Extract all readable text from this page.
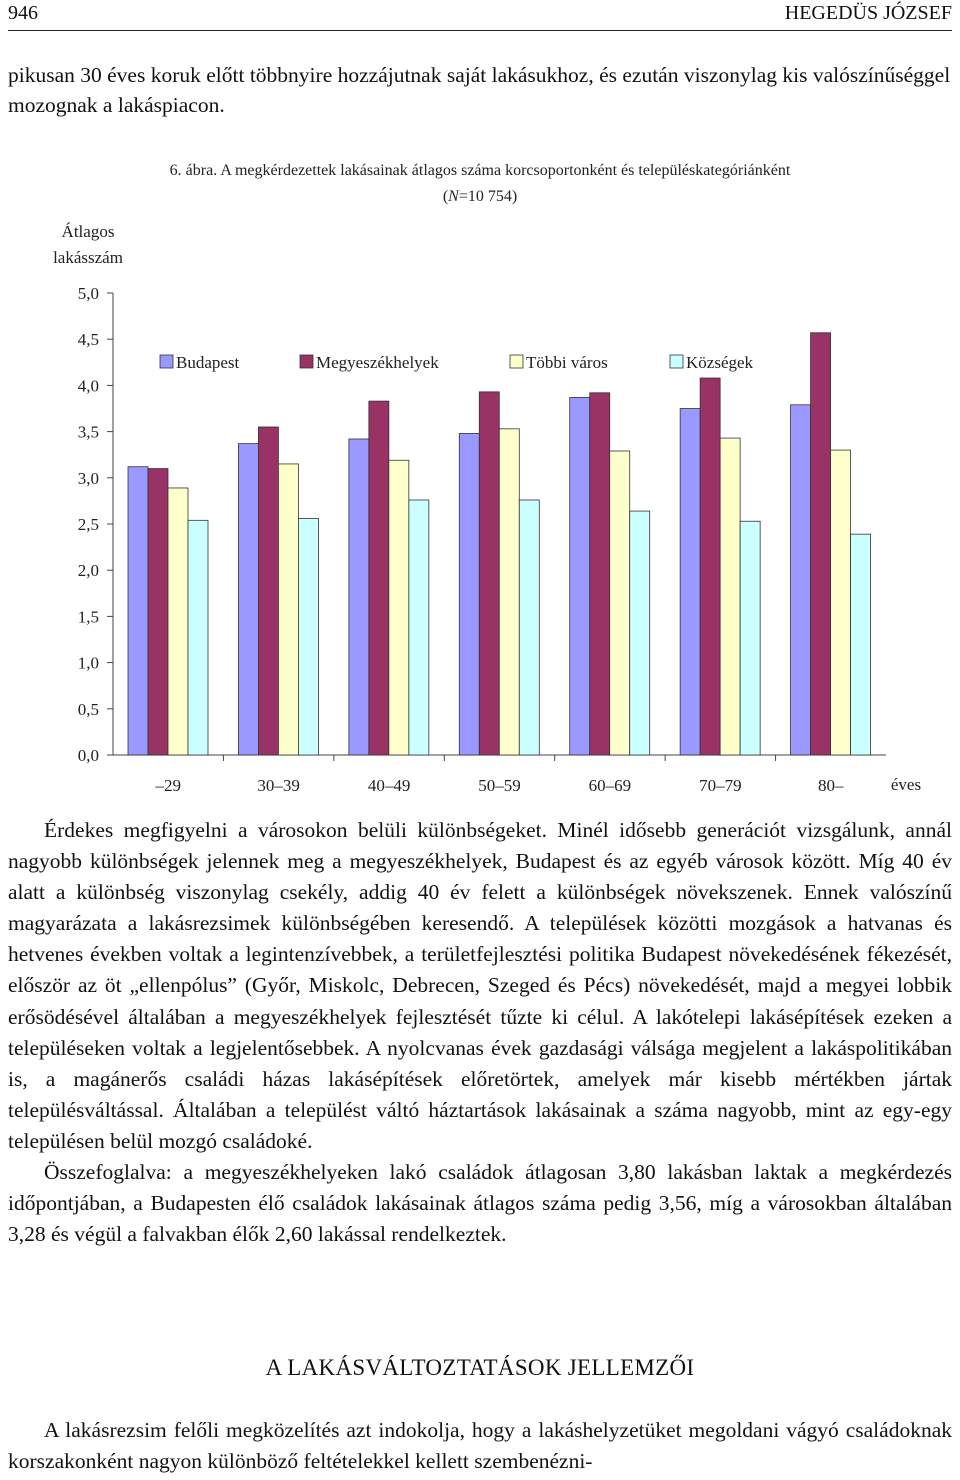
946	HEGEDÜS JÓZSEF
pikusan 30 éves koruk előtt többnyire hozzájutnak saját lakásukhoz, és ezután viszonylag kis valószínűséggel mozognak a lakáspiacon.
6. ábra. A megkérdezettek lakásainak átlagos száma korcsoportonként és településkategóriánként
(N=10 754)
Átlagos
lakásszám
0,0
0,5
1,0
1,5
2,0
2,5
3,0
3,5
4,0
4,5
5,0
–29	30–39	40–49	50–59	60–69	70–79	80–
Budapest	Megyeszékhelyek	Többi város	Községek
éves

Érdekes megfigyelni a városokon belüli különbségeket. Minél idősebb generációt vizsgálunk, annál nagyobb különbségek jelennek meg a megyeszékhelyek, Budapest és az egyéb városok között. Míg 40 év alatt a különbség viszonylag csekély, addig 40 év felett a különbségek növekszenek. Ennek valószínű magyarázata a lakásrezsimek különbségében keresendő. A települések közötti mozgások a hatvanas és hetvenes években voltak a legintenzívebbek, a területfejlesztési politika Budapest növekedésének fékezését, először az öt „ellenpólus” (Győr, Miskolc, Debrecen, Szeged és Pécs) növekedését, majd a megyei lobbik erősödésével általában a megyeszékhelyek fejlesztését tűzte ki célul. A lakótelepi lakásépítések ezeken a településeken voltak a legjelentősebbek. A nyolcvanas évek gazdasági válsága megjelent a lakáspolitikában is, a magánerős családi házas lakásépítések előretörtek, amelyek már kisebb mértékben jártak településváltással. Általában a települést váltó háztartások lakásainak a száma nagyobb, mint az egy-egy településen belül mozgó családoké.

Összefoglalva: a megyeszékhelyeken lakó családok átlagosan 3,80 lakásban laktak a megkérdezés időpontjában, a Budapesten élő családok lakásainak átlagos száma pedig 3,56, míg a városokban általában 3,28 és végül a falvakban élők 2,60 lakással rendelkeztek.

A LAKÁSVÁLTOZTATÁSOK JELLEMZŐI

A lakásrezsim felőli megközelítés azt indokolja, hogy a lakáshelyzetüket megoldani vágyó családoknak korszakonként nagyon különböző feltételekkel kellett szembenézni-
